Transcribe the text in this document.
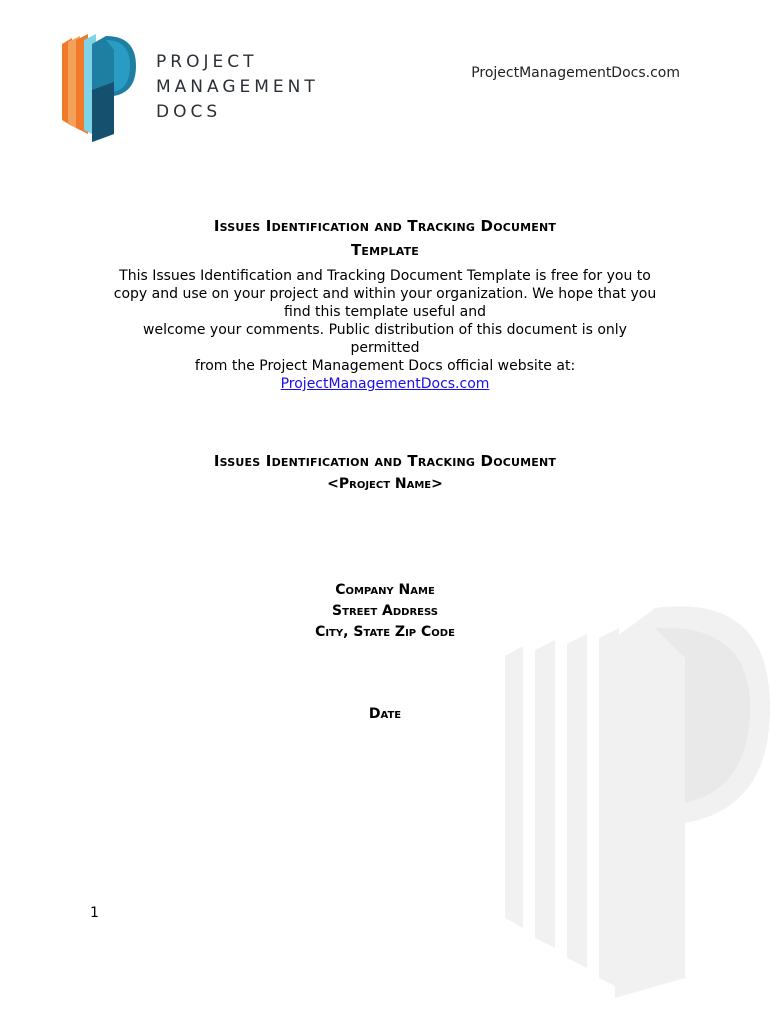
PROJECT
MANAGEMENT
DOCS
ProjectManagementDocs.com
Issues Identification and Tracking Document
Template
This Issues Identification and Tracking Document Template is free for you to
copy and use on your project and within your organization. We hope that you
find this template useful and
welcome your comments. Public distribution of this document is only
permitted
from the Project Management Docs official website at:
ProjectManagementDocs.com
Issues Identification and Tracking Document
<Project Name>
Company Name
Street Address
City, State Zip Code
Date
1
